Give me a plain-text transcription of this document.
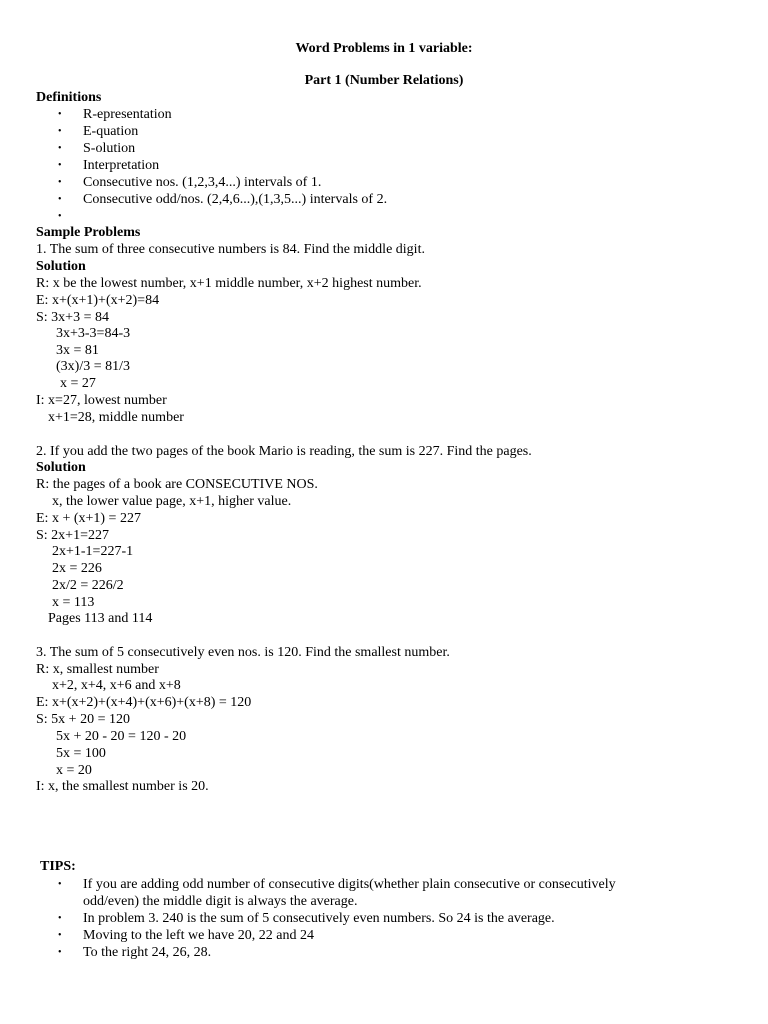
Word Problems in 1 variable:
Part 1 (Number Relations)
Definitions
• R-epresentation
• E-quation
• S-olution
• Interpretation
• Consecutive nos. (1,2,3,4...) intervals of 1.
• Consecutive odd/nos. (2,4,6...),(1,3,5...) intervals of 2.
•
Sample Problems
1. The sum of three consecutive numbers is 84. Find the middle digit.
Solution
R: x be the lowest number, x+1 middle number, x+2 highest number.
E: x+(x+1)+(x+2)=84
S: 3x+3 = 84
3x+3-3=84-3
3x = 81
(3x)/3 = 81/3
x = 27
I: x=27, lowest number
x+1=28, middle number
2. If you add the two pages of the book Mario is reading, the sum is 227. Find the pages.
Solution
R: the pages of a book are CONSECUTIVE NOS.
x, the lower value page, x+1, higher value.
E: x + (x+1) = 227
S: 2x+1=227
2x+1-1=227-1
2x = 226
2x/2 = 226/2
x = 113
Pages 113 and 114
3. The sum of 5 consecutively even nos. is 120. Find the smallest number.
R: x, smallest number
x+2, x+4, x+6 and x+8
E: x+(x+2)+(x+4)+(x+6)+(x+8) = 120
S: 5x + 20 = 120
5x + 20 - 20 = 120 - 20
5x = 100
x = 20
I: x, the smallest number is 20.
TIPS:
• If you are adding odd number of consecutive digits(whether plain consecutive or consecutively
odd/even) the middle digit is always the average.
• In problem 3. 240 is the sum of 5 consecutively even numbers. So 24 is the average.
• Moving to the left we have 20, 22 and 24
• To the right 24, 26, 28.
